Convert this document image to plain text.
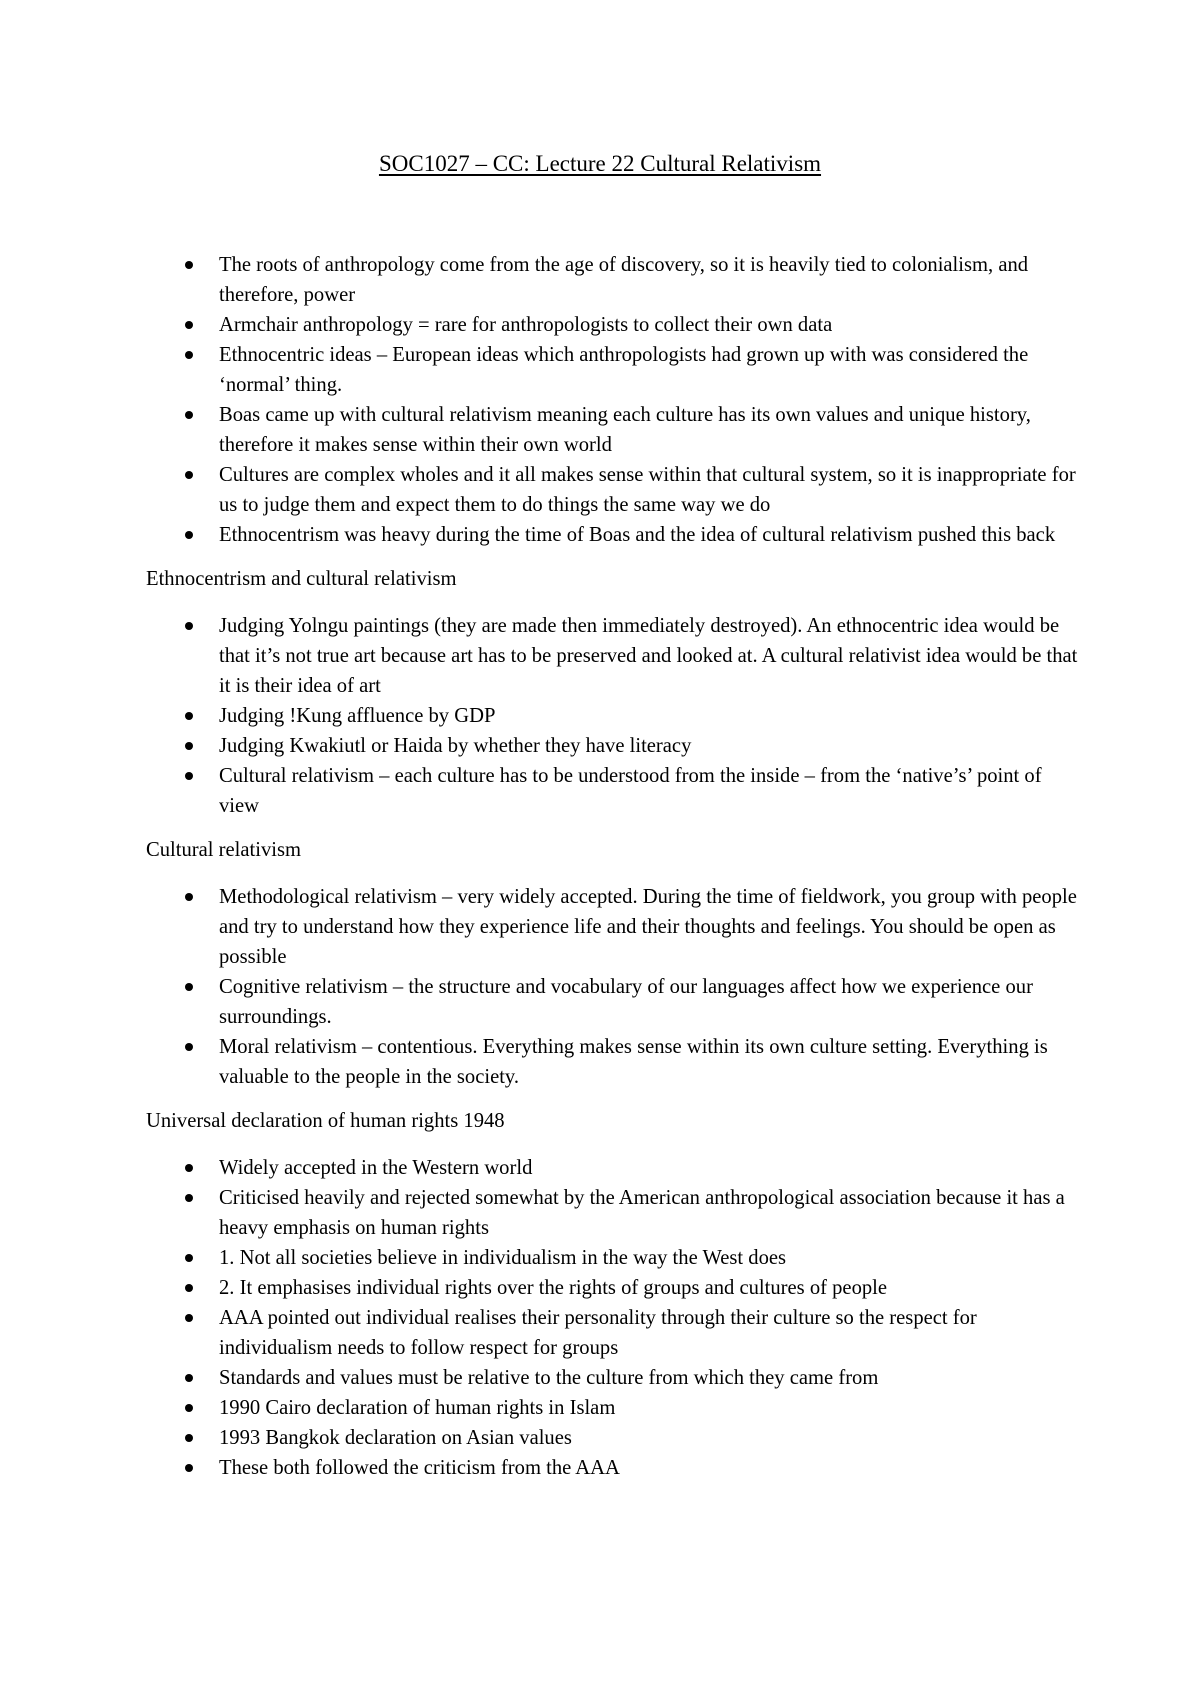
SOC1027 – CC: Lecture 22 Cultural Relativism
The roots of anthropology come from the age of discovery, so it is heavily tied to colonialism, and therefore, power
Armchair anthropology = rare for anthropologists to collect their own data
Ethnocentric ideas – European ideas which anthropologists had grown up with was considered the ‘normal’ thing.
Boas came up with cultural relativism meaning each culture has its own values and unique history, therefore it makes sense within their own world
Cultures are complex wholes and it all makes sense within that cultural system, so it is inappropriate for us to judge them and expect them to do things the same way we do
Ethnocentrism was heavy during the time of Boas and the idea of cultural relativism pushed this back

Ethnocentrism and cultural relativism

Judging Yolngu paintings (they are made then immediately destroyed). An ethnocentric idea would be that it’s not true art because art has to be preserved and looked at. A cultural relativist idea would be that it is their idea of art
Judging !Kung affluence by GDP
Judging Kwakiutl or Haida by whether they have literacy
Cultural relativism – each culture has to be understood from the inside – from the ‘native’s’ point of view

Cultural relativism

Methodological relativism – very widely accepted. During the time of fieldwork, you group with people and try to understand how they experience life and their thoughts and feelings. You should be open as possible
Cognitive relativism – the structure and vocabulary of our languages affect how we experience our surroundings.
Moral relativism – contentious. Everything makes sense within its own culture setting. Everything is valuable to the people in the society.

Universal declaration of human rights 1948

Widely accepted in the Western world
Criticised heavily and rejected somewhat by the American anthropological association because it has a heavy emphasis on human rights
1. Not all societies believe in individualism in the way the West does
2. It emphasises individual rights over the rights of groups and cultures of people
AAA pointed out individual realises their personality through their culture so the respect for individualism needs to follow respect for groups
Standards and values must be relative to the culture from which they came from
1990 Cairo declaration of human rights in Islam
1993 Bangkok declaration on Asian values
These both followed the criticism from the AAA
